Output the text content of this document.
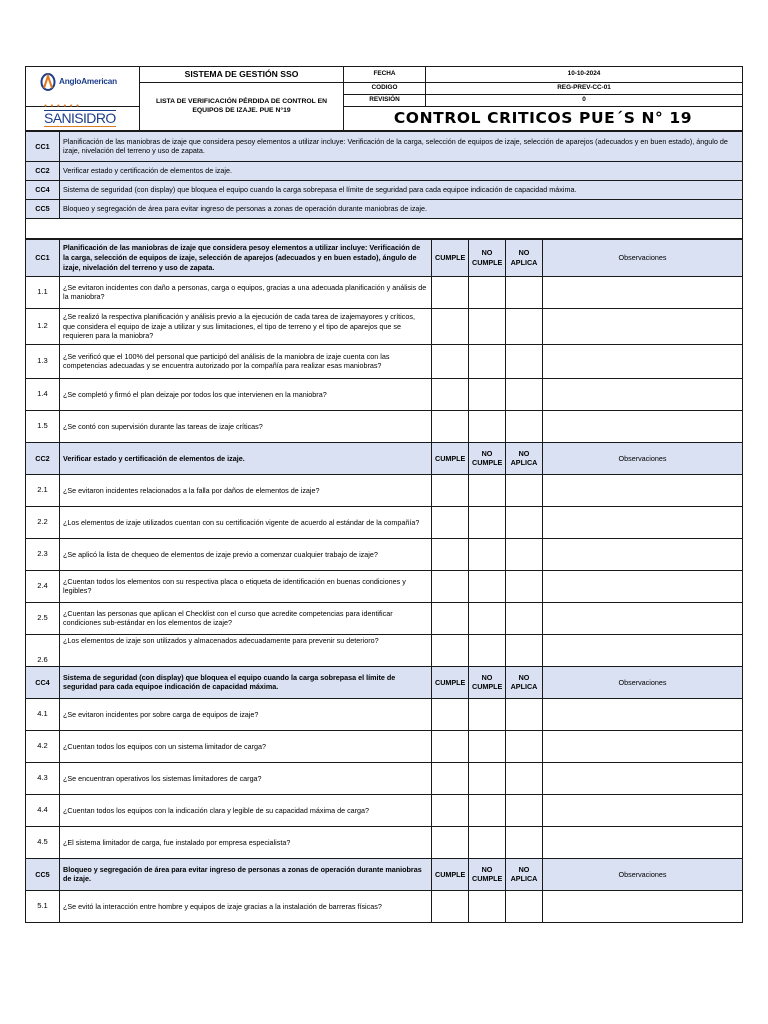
AngloAmerican
● ● ● ● ● ●
SANISIDRO	SISTEMA DE GESTIÓN SSO	FECHA	10-10-2024
	LISTA DE VERIFICACIÓN PÉRDIDA DE CONTROL EN EQUIPOS DE IZAJE. PUE N°19	CODIGO	REG-PREV-CC-01
		REVISIÓN	0
		CONTROL CRITICOS PUE´S N° 19	
CC1	Planificación de las maniobras de izaje que considera pesoy elementos a utilizar incluye: Verificación de la carga, selección de equipos de izaje, selección de aparejos (adecuados y en buen estado), ángulo de izaje, nivelación del terreno y uso de zapata.
CC2	Verificar estado y certificación de elementos de izaje.
CC4	Sistema de seguridad (con display) que bloquea el equipo cuando la carga sobrepasa el límite de seguridad para cada equipoe indicación de capacidad máxima.
CC5	Bloqueo y segregación de área para evitar ingreso de personas a zonas de operación durante maniobras de izaje.

CC1	Planificación de las maniobras de izaje que considera pesoy elementos a utilizar incluye: Verificación de la carga, selección de equipos de izaje, selección de aparejos (adecuados y en buen estado), ángulo de izaje, nivelación del terreno y uso de zapata.	CUMPLE	NO CUMPLE	NO APLICA	Observaciones
1.1	¿Se evitaron incidentes con daño a personas, carga o equipos, gracias a una adecuada planificación y análisis de la maniobra?				
1.2	¿Se realizó la respectiva planificación y análisis previo a la ejecución de cada tarea de izajemayores y críticos, que considera el equipo de izaje a utilizar y sus limitaciones, el tipo de terreno y el tipo de aparejos que se requieren para la maniobra?				
1.3	¿Se verificó que el 100% del personal que participó del análisis de la maniobra de izaje cuenta con las competencias adecuadas y se encuentra autorizado por la compañía para realizar esas maniobras?				
1.4	¿Se completó y firmó el plan deizaje por todos los que intervienen en la maniobra?				
1.5	¿Se contó con supervisión durante las tareas de izaje críticas?				
CC2	Verificar estado y certificación de elementos de izaje.	CUMPLE	NO CUMPLE	NO APLICA	Observaciones
2.1	¿Se evitaron incidentes relacionados a la falla por daños de elementos de izaje?				
2.2	¿Los elementos de izaje utilizados cuentan con su certificación vigente de acuerdo al estándar de la compañía?				
2.3	¿Se aplicó la lista de chequeo de elementos de izaje previo a comenzar cualquier trabajo de izaje?				
2.4	¿Cuentan todos los elementos con su respectiva placa o etiqueta de identificación en buenas condiciones y legibles?				
2.5	¿Cuentan las personas que aplican el Checklist con el curso que acredite competencias para identificar condiciones sub-estándar en los elementos de izaje?				
2.6	¿Los elementos de izaje son utilizados y almacenados adecuadamente para prevenir su deterioro?				
CC4	Sistema de seguridad (con display) que bloquea el equipo cuando la carga sobrepasa el límite de seguridad para cada equipoe indicación de capacidad máxima.	CUMPLE	NO CUMPLE	NO APLICA	Observaciones
4.1	¿Se evitaron incidentes por sobre carga de equipos de izaje?				
4.2	¿Cuentan todos los equipos con un sistema limitador de carga?				
4.3	¿Se encuentran operativos los sistemas limitadores de carga?				
4.4	¿Cuentan todos los equipos con la indicación clara y legible de su capacidad máxima de carga?				
4.5	¿El sistema limitador de carga, fue instalado por empresa especialista?				
CC5	Bloqueo y segregación de área para evitar ingreso de personas a zonas de operación durante maniobras de izaje.	CUMPLE	NO CUMPLE	NO APLICA	Observaciones
5.1	¿Se evitó la interacción entre hombre y equipos de izaje gracias a la instalación de barreras físicas?				
